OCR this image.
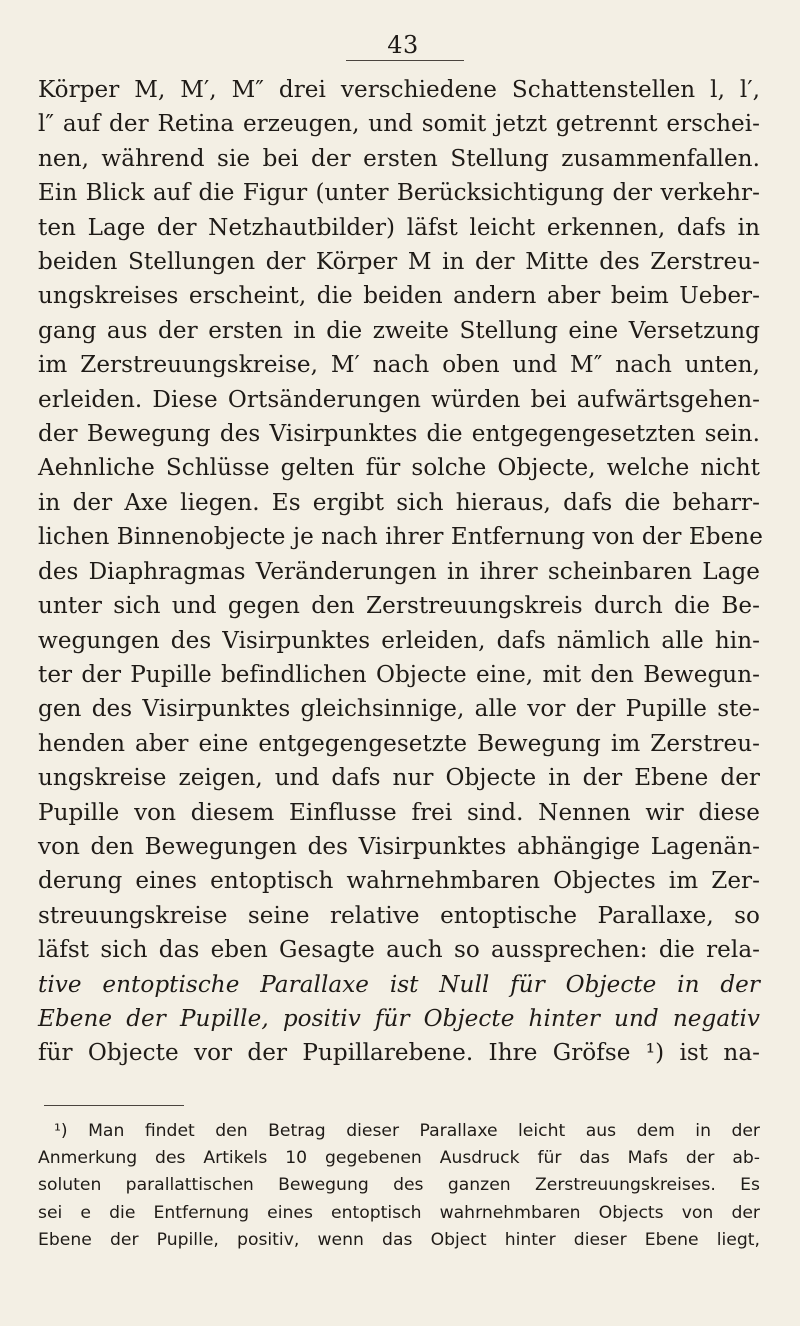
43
Körper M, M′, M″ drei verschiedene Schattenstellen l, l′,
l″ auf der Retina erzeugen, und somit jetzt getrennt erschei-
nen, während sie bei der ersten Stellung zusammenfallen.
Ein Blick auf die Figur (unter Berücksichtigung der verkehr-
ten Lage der Netzhautbilder) läfst leicht erkennen, dafs in
beiden Stellungen der Körper M in der Mitte des Zerstreu-
ungskreises erscheint, die beiden andern aber beim Ueber-
gang aus der ersten in die zweite Stellung eine Versetzung
im Zerstreuungskreise, M′ nach oben und M″ nach unten,
erleiden. Diese Ortsänderungen würden bei aufwärtsgehen-
der Bewegung des Visirpunktes die entgegengesetzten sein.
Aehnliche Schlüsse gelten für solche Objecte, welche nicht
in der Axe liegen. Es ergibt sich hieraus, dafs die beharr-
lichen Binnenobjecte je nach ihrer Entfernung von der Ebene
des Diaphragmas Veränderungen in ihrer scheinbaren Lage
unter sich und gegen den Zerstreuungskreis durch die Be-
wegungen des Visirpunktes erleiden, dafs nämlich alle hin-
ter der Pupille befindlichen Objecte eine, mit den Bewegun-
gen des Visirpunktes gleichsinnige, alle vor der Pupille ste-
henden aber eine entgegengesetzte Bewegung im Zerstreu-
ungskreise zeigen, und dafs nur Objecte in der Ebene der
Pupille von diesem Einflusse frei sind. Nennen wir diese
von den Bewegungen des Visirpunktes abhängige Lagenän-
derung eines entoptisch wahrnehmbaren Objectes im Zer-
streuungskreise seine relative entoptische Parallaxe, so
läfst sich das eben Gesagte auch so aussprechen: die rela-
tive entoptische Parallaxe ist Null für Objecte in der
Ebene der Pupille, positiv für Objecte hinter und negativ
für Objecte vor der Pupillarebene. Ihre Gröfse ¹) ist na-
¹) Man findet den Betrag dieser Parallaxe leicht aus dem in der
Anmerkung des Artikels 10 gegebenen Ausdruck für das Mafs der ab-
soluten parallattischen Bewegung des ganzen Zerstreuungskreises. Es
sei e die Entfernung eines entoptisch wahrnehmbaren Objects von der
Ebene der Pupille, positiv, wenn das Object hinter dieser Ebene liegt,
